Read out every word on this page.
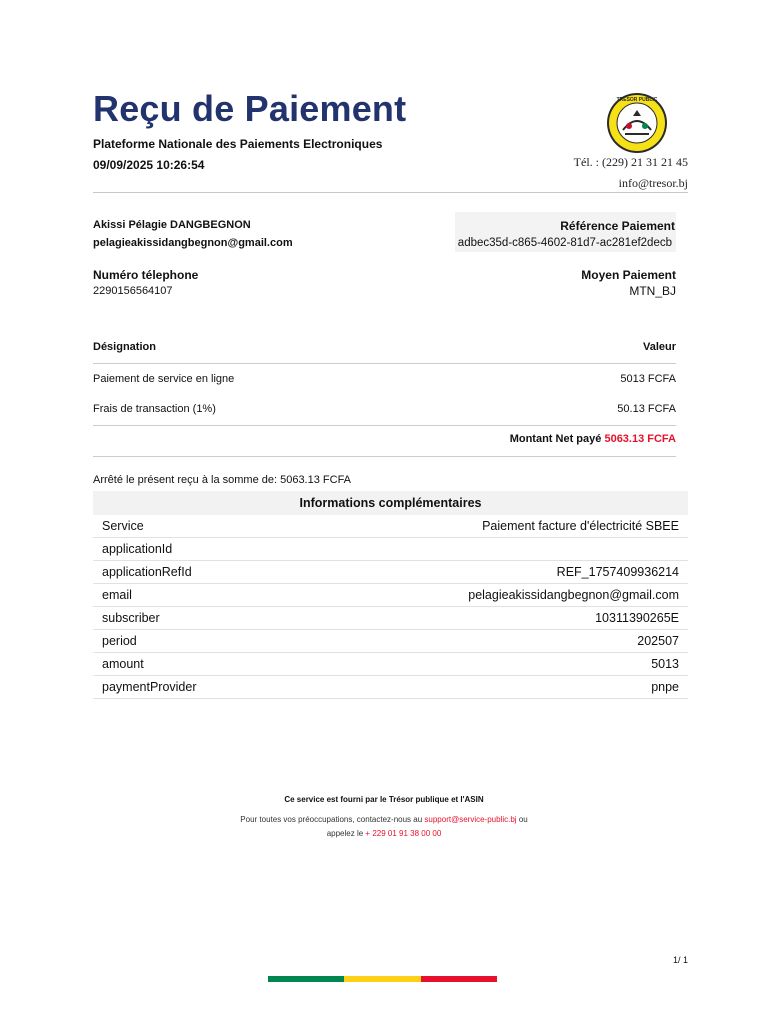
Reçu de Paiement
Plateforme Nationale des Paiements Electroniques
09/09/2025 10:26:54
TRESOR PUBLIC
Tél. : (229) 21 31 21 45
info@tresor.bj
Akissi Pélagie DANGBEGNON
pelagieakissidangbegnon@gmail.com
Référence Paiement
adbec35d-c865-4602-81d7-ac281ef2decb
Numéro télephone
2290156564107
Moyen Paiement
MTN_BJ
Désignation	Valeur
Paiement de service en ligne	5013 FCFA
Frais de transaction (1%)	50.13 FCFA
Montant Net payé 5063.13 FCFA
Arrêté le présent reçu à la somme de: 5063.13 FCFA
Informations complémentaires	
Service	Paiement facture d'électricité SBEE
applicationId	
applicationRefId	REF_1757409936214
email	pelagieakissidangbegnon@gmail.com
subscriber	10311390265E
period	202507
amount	5013
paymentProvider	pnpe
Ce service est fourni par le Trésor publique et l'ASIN
Pour toutes vos préoccupations, contactez-nous au support@service-public.bj ou
appelez le + 229 01 91 38 00 00
1/ 1
